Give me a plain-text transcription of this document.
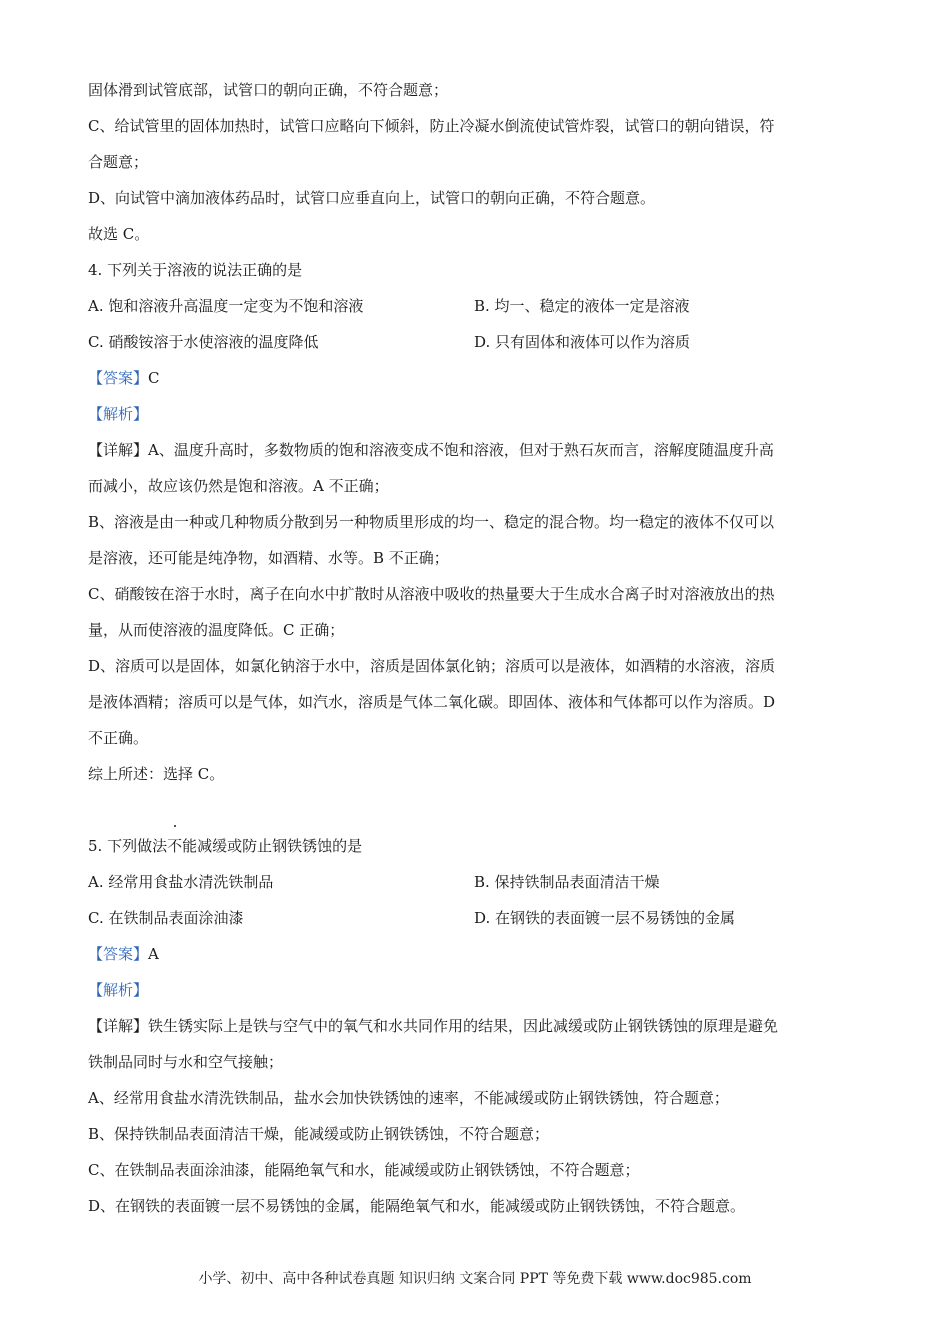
固体滑到试管底部，试管口的朝向正确，不符合题意；
C、给试管里的固体加热时，试管口应略向下倾斜，防止冷凝水倒流使试管炸裂，试管口的朝向错误，符
合题意；
D、向试管中滴加液体药品时，试管口应垂直向上，试管口的朝向正确，不符合题意。
故选 C。
4. 下列关于溶液的说法正确的是
A. 饱和溶液升高温度一定变为不饱和溶液	B. 均一、稳定的液体一定是溶液
C. 硝酸铵溶于水使溶液的温度降低	D. 只有固体和液体可以作为溶质
【答案】C
【解析】
【详解】A、温度升高时，多数物质的饱和溶液变成不饱和溶液，但对于熟石灰而言，溶解度随温度升高
而减小，故应该仍然是饱和溶液。A 不正确；
B、溶液是由一种或几种物质分散到另一种物质里形成的均一、稳定的混合物。均一稳定的液体不仅可以
是溶液，还可能是纯净物，如酒精、水等。B 不正确；
C、硝酸铵在溶于水时，离子在向水中扩散时从溶液中吸收的热量要大于生成水合离子时对溶液放出的热
量，从而使溶液的温度降低。C 正确；
D、溶质可以是固体，如氯化钠溶于水中，溶质是固体氯化钠；溶质可以是液体，如酒精的水溶液，溶质
是液体酒精；溶质可以是气体，如汽水，溶质是气体二氧化碳。即固体、液体和气体都可以作为溶质。D
不正确。
综上所述：选择 C。
5. 下列做法不能减缓或防止钢铁锈蚀的是
A. 经常用食盐水清洗铁制品	B. 保持铁制品表面清洁干燥
C. 在铁制品表面涂油漆	D. 在钢铁的表面镀一层不易锈蚀的金属
【答案】A
【解析】
【详解】铁生锈实际上是铁与空气中的氧气和水共同作用的结果，因此减缓或防止钢铁锈蚀的原理是避免
铁制品同时与水和空气接触；
A、经常用食盐水清洗铁制品，盐水会加快铁锈蚀的速率，不能减缓或防止钢铁锈蚀，符合题意；
B、保持铁制品表面清洁干燥，能减缓或防止钢铁锈蚀，不符合题意；
C、在铁制品表面涂油漆，能隔绝氧气和水，能减缓或防止钢铁锈蚀，不符合题意；
D、在钢铁的表面镀一层不易锈蚀的金属，能隔绝氧气和水，能减缓或防止钢铁锈蚀，不符合题意。
小学、初中、高中各种试卷真题 知识归纳 文案合同 PPT 等免费下载 www.doc985.com
